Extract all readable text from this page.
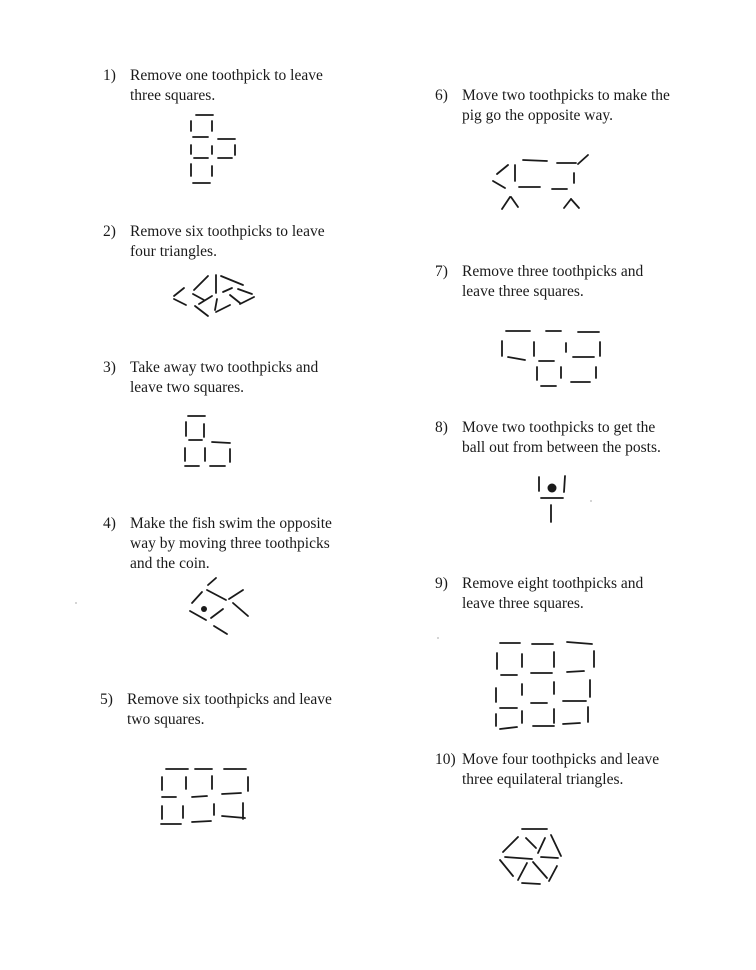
1) Remove one toothpick to leave
three squares.
2) Remove six toothpicks to leave
four triangles.
3) Take away two toothpicks and
leave two squares.
4) Make the fish swim the opposite
way by moving three toothpicks
and the coin.
5) Remove six toothpicks and leave
two squares.
6) Move two toothpicks to make the
pig go the opposite way.
7) Remove three toothpicks and
leave three squares.
8) Move two toothpicks to get the
ball out from between the posts.
9) Remove eight toothpicks and
leave three squares.
10) Move four toothpicks and leave
three equilateral triangles.
